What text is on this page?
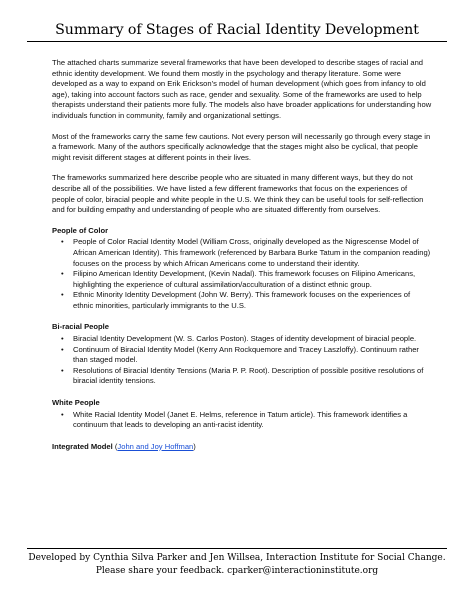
Summary of Stages of Racial Identity Development

The attached charts summarize several frameworks that have been developed to describe stages of racial and ethnic identity development. We found them mostly in the psychology and therapy literature. Some were developed as a way to expand on Erik Erickson’s model of human development (which goes from infancy to old age), taking into account factors such as race, gender and sexuality. Some of the frameworks are used to help therapists understand their patients more fully. The models also have broader applications for understanding how individuals function in community, family and organizational settings.

Most of the frameworks carry the same few cautions. Not every person will necessarily go through every stage in a framework. Many of the authors specifically acknowledge that the stages might also be cyclical, that people might revisit different stages at different points in their lives.

The frameworks summarized here describe people who are situated in many different ways, but they do not describe all of the possibilities. We have listed a few different frameworks that focus on the experiences of people of color, biracial people and white people in the U.S. We think they can be useful tools for self-reflection and for building empathy and understanding of people who are situated differently from ourselves.

People of Color
• People of Color Racial Identity Model (William Cross, originally developed as the Nigrescense Model of African American Identity). This framework (referenced by Barbara Burke Tatum in the companion reading) focuses on the process by which African Americans come to understand their identity.
• Filipino American Identity Development, (Kevin Nadal). This framework focuses on Filipino Americans, highlighting the experience of cultural assimilation/acculturation of a distinct ethnic group.
• Ethnic Minority Identity Development (John W. Berry). This framework focuses on the experiences of ethnic minorities, particularly immigrants to the U.S.
Bi-racial People
• Biracial Identity Development (W. S. Carlos Poston). Stages of identity development of biracial people.
• Continuum of Biracial Identity Model (Kerry Ann Rockquemore and Tracey Laszloffy). Continuum rather than staged model.
• Resolutions of Biracial Identity Tensions (Maria P. P. Root). Description of possible positive resolutions of biracial identity tensions.
White People
• White Racial Identity Model (Janet E. Helms, reference in Tatum article). This framework identifies a continuum that leads to developing an anti-racist identity.
Integrated Model (John and Joy Hoffman)
Developed by Cynthia Silva Parker and Jen Willsea, Interaction Institute for Social Change.
Please share your feedback. cparker@interactioninstitute.org
